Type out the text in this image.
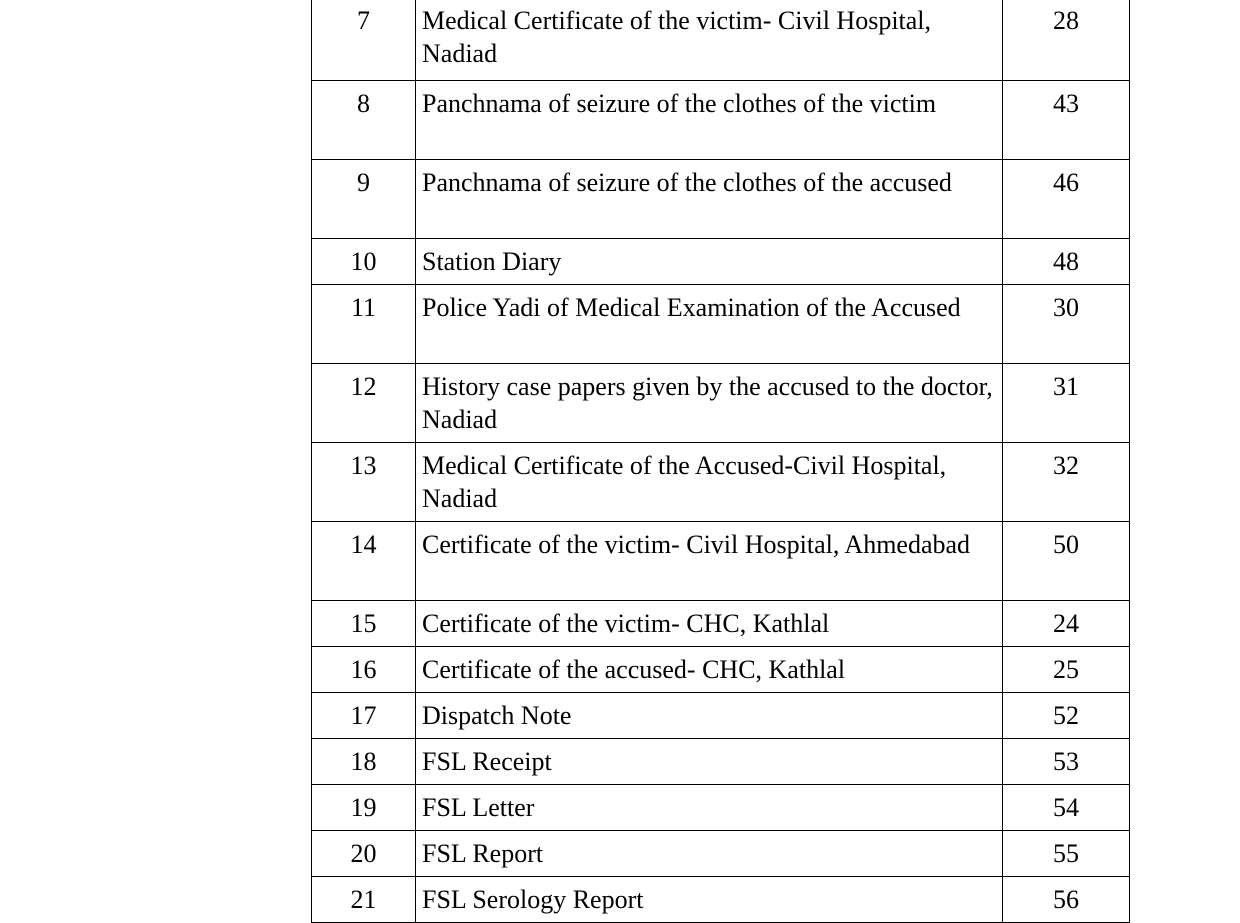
7	Medical Certificate of the victim- Civil Hospital, Nadiad	28
8	Panchnama of seizure of the clothes of the victim	43
9	Panchnama of seizure of the clothes of the accused	46
10	Station Diary	48
11	Police Yadi of Medical Examination of the Accused	30
12	History case papers given by the accused to the doctor, Nadiad	31
13	Medical Certificate of the Accused-Civil Hospital, Nadiad	32
14	Certificate of the victim- Civil Hospital, Ahmedabad	50
15	Certificate of the victim- CHC, Kathlal	24
16	Certificate of the accused- CHC, Kathlal	25
17	Dispatch Note	52
18	FSL Receipt	53
19	FSL Letter	54
20	FSL Report	55
21	FSL Serology Report	56
